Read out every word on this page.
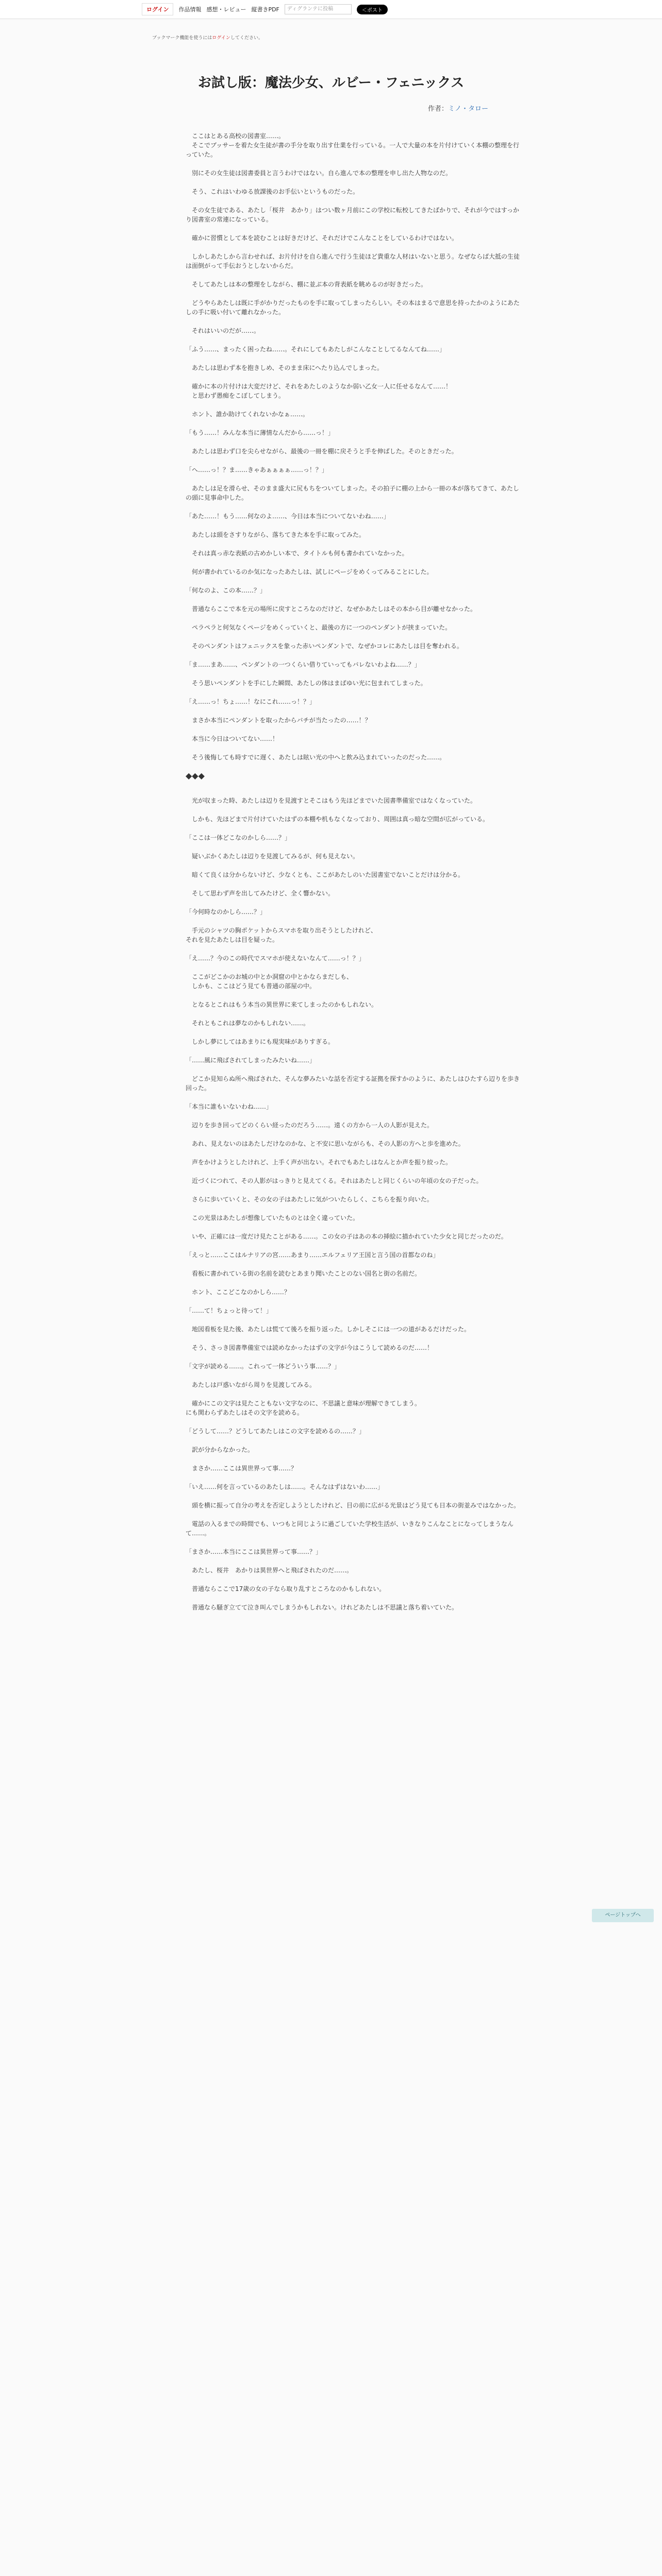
ログイン	作品情報 感想・レビュー 縦書きPDF	ディグランテに投稿	＜ポスト
ブックマーク機能を使うにはログインしてください。
お試し版：魔法少女、ルビー・フェニックス
作者：ミノ・タロー

　ここはとある高校の図書室……。
　そこでブッサーを着た女生徒が書の手分を取り出す仕業を行っている。一人で大量の本を片付けていく本棚の整理を行っていた。

　別にその女生徒は図書委員と言うわけではない。自ら進んで本の整理を申し出た人物なのだ。

　そう、これはいわゆる放課後のお手伝いというものだった。

　その女生徒である、あたし「桜井　あかり」はつい数ヶ月前にこの学校に転校してきたばかりで、それが今ではすっかり図書室の常連になっている。

　確かに習慣として本を読むことは好きだけど、それだけでこんなことをしているわけではない。

　しかしあたしから言わせれば、お片付けを自ら進んで行う生徒ほど貴重な人材はいないと思う。なぜならば大抵の生徒は面倒がって手伝おうとしないからだ。

　そしてあたしは本の整理をしながら、棚に並ぶ本の背表紙を眺めるのが好きだった。

　どうやらあたしは既に手がかりだったものを手に取ってしまったらしい。その本はまるで意思を持ったかのようにあたしの手に吸い付いて離れなかった。

　それはいいのだが……。

「ふう……、まったく困ったね……。それにしてもあたしがこんなことしてるなんてね……」

　あたしは思わず本を抱きしめ、そのまま床にへたり込んでしまった。

　確かに本の片付けは大変だけど、それをあたしのようなか弱い乙女一人に任せるなんて……！
　と思わず愚痴をこぼしてしまう。

　ホント、誰か助けてくれないかなぁ……。

「もう……！みんな本当に薄情なんだから……っ！」

　あたしは思わず口を尖らせながら、最後の一冊を棚に戻そうと手を伸ばした。そのときだった。

「へ……っ！？ま……きゃあぁぁぁぁ……っ！？」

　あたしは足を滑らせ、そのまま盛大に尻もちをついてしまった。その拍子に棚の上から一冊の本が落ちてきて、あたしの頭に見事命中した。

「あた……！もう……何なのよ……、今日は本当についてないわね……」

　あたしは頭をさすりながら、落ちてきた本を手に取ってみた。

　それは真っ赤な表紙の古めかしい本で、タイトルも何も書かれていなかった。

　何が書かれているのか気になったあたしは、試しにページをめくってみることにした。

「何なのよ、この本……？」

　普通ならここで本を元の場所に戻すところなのだけど、なぜかあたしはその本から目が離せなかった。

　ペラペラと何気なくページをめくっていくと、最後の方に一つのペンダントが挟まっていた。

　そのペンダントはフェニックスを象った赤いペンダントで、なぜかコレにあたしは目を奪われる。

「ま……まあ……、ペンダントの一つくらい借りていってもバレないわよね……？」

　そう思いペンダントを手にした瞬間、あたしの体はまばゆい光に包まれてしまった。

「え……っ！ちょ……！なにこれ……っ！？」

　まさか本当にペンダントを取ったからバチが当たったの……！？

　本当に今日はついてない……！

　そう後悔しても時すでに遅く、あたしは眩い光の中へと飲み込まれていったのだった……。

◆◆◆

　光が収まった時、あたしは辺りを見渡すとそこはもう先ほどまでいた図書準備室ではなくなっていた。

　しかも、先ほどまで片付けていたはずの本棚や机もなくなっており、周囲は真っ暗な空間が広がっている。

「ここは一体どこなのかしら……？」

　疑いぶかくあたしは辺りを見渡してみるが、何も見えない。

　暗くて良くは分からないけど、少なくとも、ここがあたしのいた図書室でないことだけは分かる。

　そして思わず声を出してみたけど、全く響かない。

「今何時なのかしら……？」

　手元のシャツの胸ポケットからスマホを取り出そうとしたけれど、
それを見たあたしは目を疑った。

「え……？今のこの時代でスマホが使えないなんて……っ！？」

　ここがどこかのお城の中とか洞窟の中とかならまだしも、
　しかも、ここはどう見ても普通の部屋の中。

　となるとこれはもう本当の異世界に来てしまったのかもしれない。

　それともこれは夢なのかもしれない……。

　しかし夢にしてはあまりにも現実味がありすぎる。

「……風に飛ばされてしまったみたいね……」

　どこか見知らぬ所へ飛ばされた、そんな夢みたいな話を否定する証拠を探すかのように、あたしはひたすら辺りを歩き回った。

「本当に誰もいないわね……」

　辺りを歩き回ってどのくらい経ったのだろう……。遠くの方から一人の人影が見えた。

　あれ、見えないのはあたしだけなのかな、と不安に思いながらも、その人影の方へと歩を進めた。

　声をかけようとしたけれど、上手く声が出ない。それでもあたしはなんとか声を振り絞った。

　近づくにつれて、その人影がはっきりと見えてくる。それはあたしと同じくらいの年頃の女の子だった。

　さらに歩いていくと、その女の子はあたしに気がついたらしく、こちらを振り向いた。

　この光景はあたしが想像していたものとは全く違っていた。

　いや、正確には一度だけ見たことがある……。この女の子はあの本の挿絵に描かれていた少女と同じだったのだ。

「えっと……ここはルナリアの宮……あまり……エルフェリア王国と言う国の首都なのね」

　看板に書かれている街の名前を読むとあまり聞いたことのない国名と街の名前だ。

　ホント、ここどこなのかしら……？

「……て！ちょっと待って！」

　地図看板を見た後、あたしは慌てて後ろを振り返った。しかしそこには一つの道があるだけだった。

　そう、さっき図書準備室では読めなかったはずの文字が今はこうして読めるのだ……！

「文字が読める……。これって一体どういう事……？」

　あたしは戸惑いながら周りを見渡してみる。

　確かにこの文字は見たこともない文字なのに、不思議と意味が理解できてしまう。
にも関わらずあたしはその文字を読める。

「どうして……？どうしてあたしはこの文字を読めるの……？」

　訳が分からなかった。

　まさか……ここは異世界って事……？

「いえ……何を言っているのあたしは……。そんなはずはないわ……」

　頭を横に振って自分の考えを否定しようとしたけれど、目の前に広がる光景はどう見ても日本の街並みではなかった。

　電話の入るまでの時間でも、いつもと同じように過ごしていた学校生活が、いきなりこんなことになってしまうなんて……。

「まさか……本当にここは異世界って事……？」

　あたし、桜井　あかりは異世界へと飛ばされたのだ……。

　普通ならここで17歳の女の子なら取り乱すところなのかもしれない。

　普通なら騒ぎ立てて泣き叫んでしまうかもしれない。けれどあたしは不思議と落ち着いていた。

ページトップへ
